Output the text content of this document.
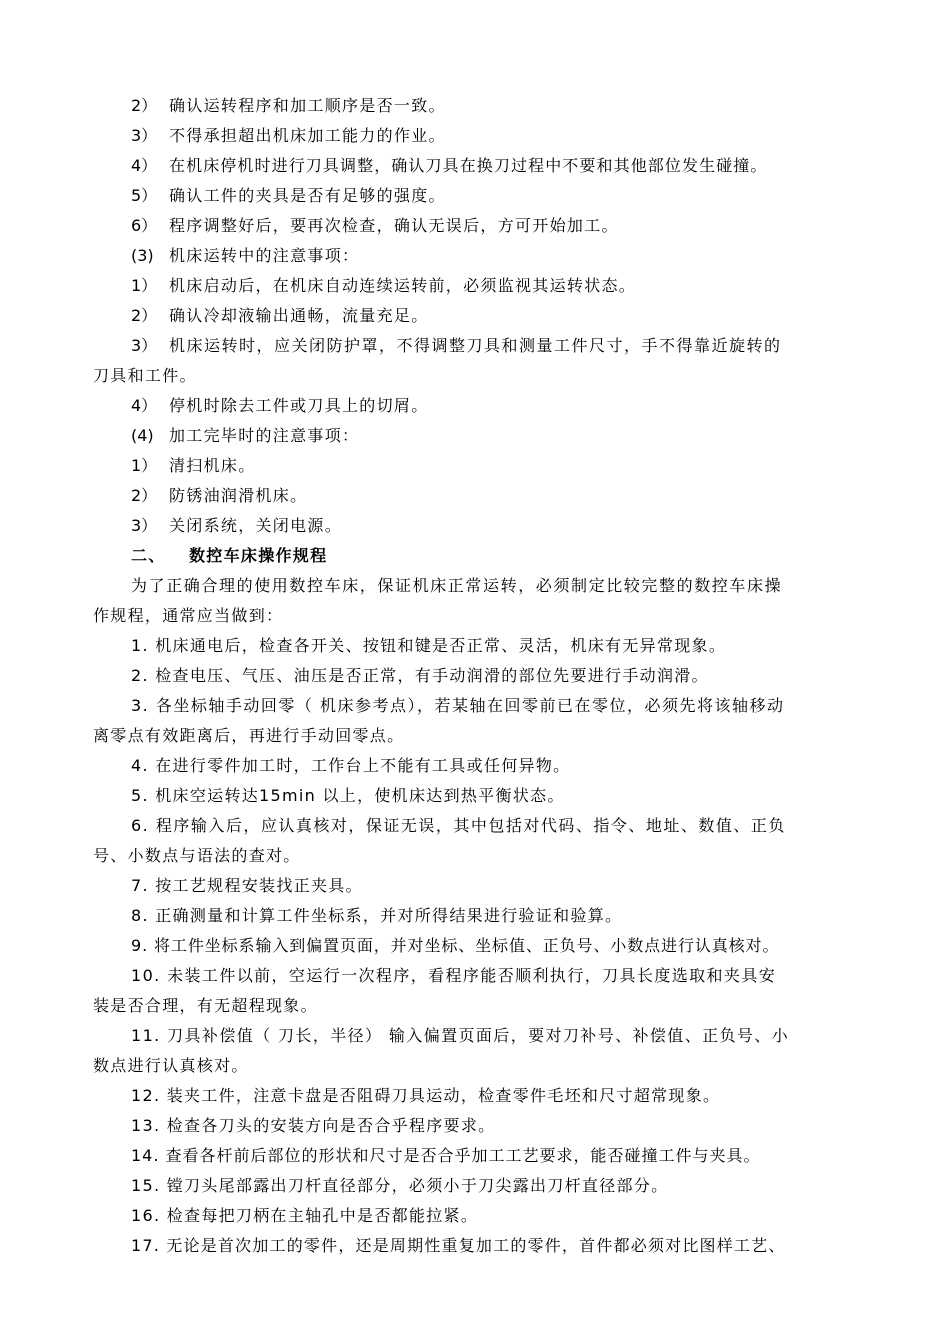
2） 确认运转程序和加工顺序是否一致。
3） 不得承担超出机床加工能力的作业。
4） 在机床停机时进行刀具调整，确认刀具在换刀过程中不要和其他部位发生碰撞。
5） 确认工件的夹具是否有足够的强度。
6） 程序调整好后，要再次检查，确认无误后，方可开始加工。
(3) 机床运转中的注意事项：
1） 机床启动后，在机床自动连续运转前，必须监视其运转状态。
2） 确认冷却液输出通畅，流量充足。
3） 机床运转时，应关闭防护罩，不得调整刀具和测量工件尺寸，手不得靠近旋转的
刀具和工件。
4） 停机时除去工件或刀具上的切屑。
(4) 加工完毕时的注意事项：
1） 清扫机床。
2） 防锈油润滑机床。
3） 关闭系统，关闭电源。
二、 数控车床操作规程
为了正确合理的使用数控车床，保证机床正常运转，必须制定比较完整的数控车床操
作规程，通常应当做到：
1. 机床通电后，检查各开关、按钮和键是否正常、灵活，机床有无异常现象。
2. 检查电压、气压、油压是否正常，有手动润滑的部位先要进行手动润滑。
3. 各坐标轴手动回零（ 机床参考点），若某轴在回零前已在零位，必须先将该轴移动
离零点有效距离后，再进行手动回零点。
4. 在进行零件加工时，工作台上不能有工具或任何异物。
5. 机床空运转达15min 以上，使机床达到热平衡状态。
6. 程序输入后，应认真核对，保证无误，其中包括对代码、指令、地址、数值、正负
号、小数点与语法的查对。
7. 按工艺规程安装找正夹具。
8. 正确测量和计算工件坐标系，并对所得结果进行验证和验算。
9. 将工件坐标系输入到偏置页面，并对坐标、坐标值、正负号、小数点进行认真核对。
10. 未装工件以前，空运行一次程序，看程序能否顺利执行，刀具长度选取和夹具安
装是否合理，有无超程现象。
11. 刀具补偿值（ 刀长，半径） 输入偏置页面后，要对刀补号、补偿值、正负号、小
数点进行认真核对。
12. 装夹工件，注意卡盘是否阻碍刀具运动，检查零件毛坯和尺寸超常现象。
13. 检查各刀头的安装方向是否合乎程序要求。
14. 查看各杆前后部位的形状和尺寸是否合乎加工工艺要求，能否碰撞工件与夹具。
15. 镗刀头尾部露出刀杆直径部分，必须小于刀尖露出刀杆直径部分。
16. 检查每把刀柄在主轴孔中是否都能拉紧。
17. 无论是首次加工的零件，还是周期性重复加工的零件，首件都必须对比图样工艺、
